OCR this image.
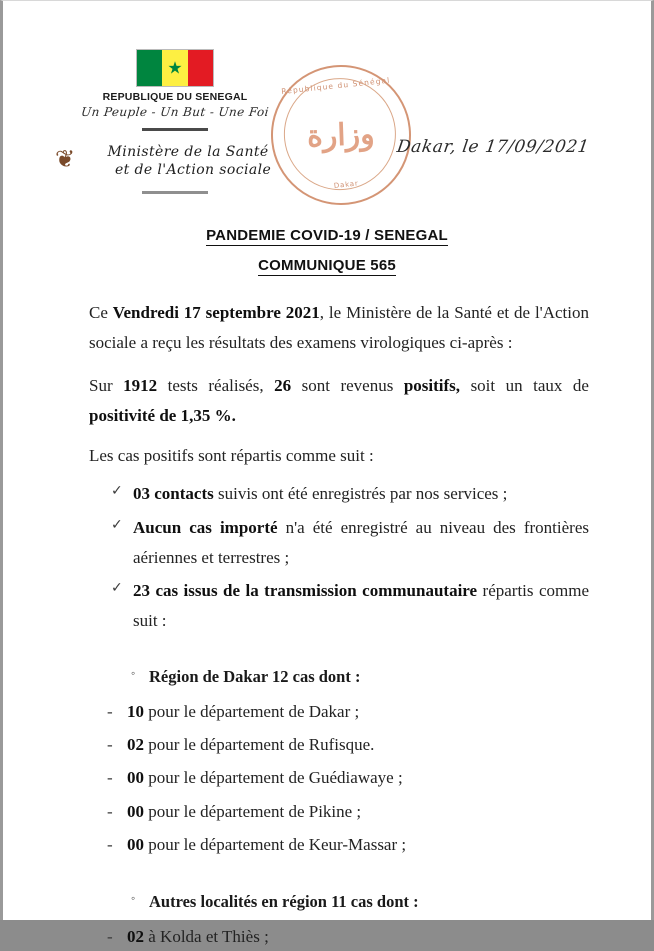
★
REPUBLIQUE DU SENEGAL
Un Peuple - Un But - Une Foi
❦	Ministère de la Santé et de l'Action sociale
République du Sénégal
وزارة
Dakar
Dakar, le 17/09/2021
PANDEMIE COVID-19 / SENEGAL
COMMUNIQUE 565

Ce Vendredi 17 septembre 2021, le Ministère de la Santé et de l'Action sociale a reçu les résultats des examens virologiques ci-après :

Sur 1912 tests réalisés, 26 sont revenus positifs, soit un taux de positivité de 1,35 %.

Les cas positifs sont répartis comme suit :

✓ 03 contacts suivis ont été enregistrés par nos services ;
✓ Aucun cas importé n'a été enregistré au niveau des frontières aériennes et terrestres ;
✓ 23 cas issus de la transmission communautaire répartis comme suit :
◦ Région de Dakar 12 cas dont :
- 10 pour le département de Dakar ;
- 02 pour le département de Rufisque.
- 00 pour le département de Guédiawaye ;
- 00 pour le département de Pikine ;
- 00 pour le département de Keur-Massar ;
◦ Autres localités en région 11 cas dont :
- 02 à Kolda et Thiès ;
